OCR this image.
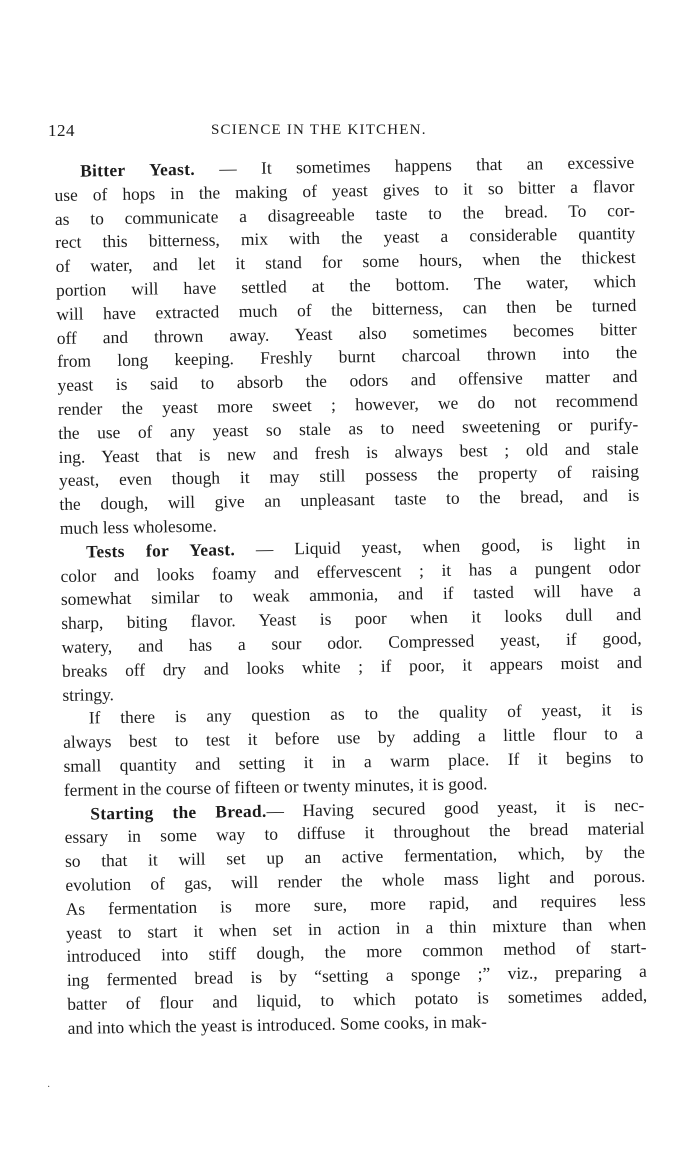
124	SCIENCE IN THE KITCHEN.
Bitter Yeast. — It sometimes happens that an excessive
use of hops in the making of yeast gives to it so bitter a flavor
as to communicate a disagreeable taste to the bread. To cor-
rect this bitterness, mix with the yeast a considerable quantity
of water, and let it stand for some hours, when the thickest
portion will have settled at the bottom. The water, which
will have extracted much of the bitterness, can then be turned
off and thrown away. Yeast also sometimes becomes bitter
from long keeping. Freshly burnt charcoal thrown into the
yeast is said to absorb the odors and offensive matter and
render the yeast more sweet ; however, we do not recommend
the use of any yeast so stale as to need sweetening or purify-
ing. Yeast that is new and fresh is always best ; old and stale
yeast, even though it may still possess the property of raising
the dough, will give an unpleasant taste to the bread, and is
much less wholesome.
Tests for Yeast. — Liquid yeast, when good, is light in
color and looks foamy and effervescent ; it has a pungent odor
somewhat similar to weak ammonia, and if tasted will have a
sharp, biting flavor. Yeast is poor when it looks dull and
watery, and has a sour odor. Compressed yeast, if good,
breaks off dry and looks white ; if poor, it appears moist and
stringy.
If there is any question as to the quality of yeast, it is
always best to test it before use by adding a little flour to a
small quantity and setting it in a warm place. If it begins to
ferment in the course of fifteen or twenty minutes, it is good.
Starting the Bread.— Having secured good yeast, it is nec-
essary in some way to diffuse it throughout the bread material
so that it will set up an active fermentation, which, by the
evolution of gas, will render the whole mass light and porous.
As fermentation is more sure, more rapid, and requires less
yeast to start it when set in action in a thin mixture than when
introduced into stiff dough, the more common method of start-
ing fermented bread is by “setting a sponge ;” viz., preparing a
batter of flour and liquid, to which potato is sometimes added,
and into which the yeast is introduced. Some cooks, in mak-
·
